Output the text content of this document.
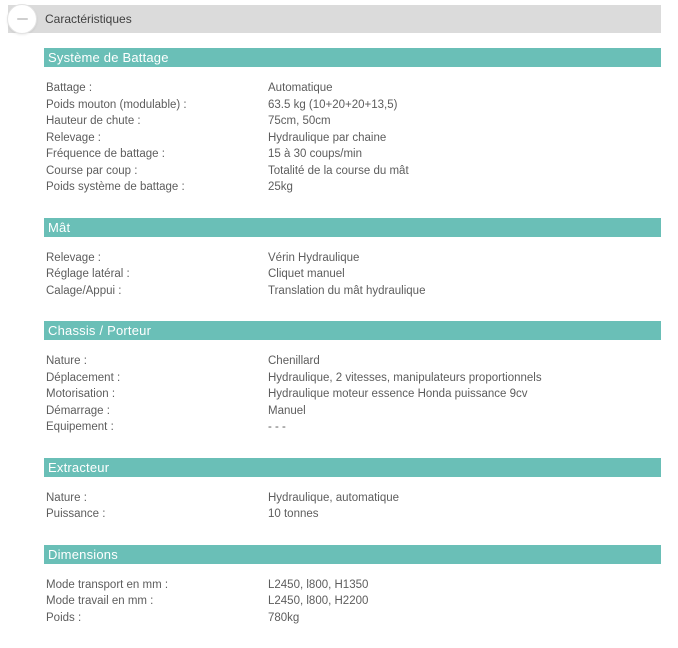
Caractéristiques
Système de Battage
Battage :	Automatique
Poids mouton (modulable) :	63.5 kg (10+20+20+13,5)
Hauteur de chute :	75cm, 50cm
Relevage :	Hydraulique par chaine
Fréquence de battage :	15 à 30 coups/min
Course par coup :	Totalité de la course du mât
Poids système de battage :	25kg
Mât
Relevage :	Vérin Hydraulique
Réglage latéral :	Cliquet manuel
Calage/Appui :	Translation du mât hydraulique
Chassis / Porteur
Nature :	Chenillard
Déplacement :	Hydraulique, 2 vitesses, manipulateurs proportionnels
Motorisation :	Hydraulique moteur essence Honda puissance 9cv
Démarrage :	Manuel
Equipement :	- - -
Extracteur
Nature :	Hydraulique, automatique
Puissance :	10 tonnes
Dimensions
Mode transport en mm :	L2450, l800, H1350
Mode travail en mm :	L2450, l800, H2200
Poids :	780kg
